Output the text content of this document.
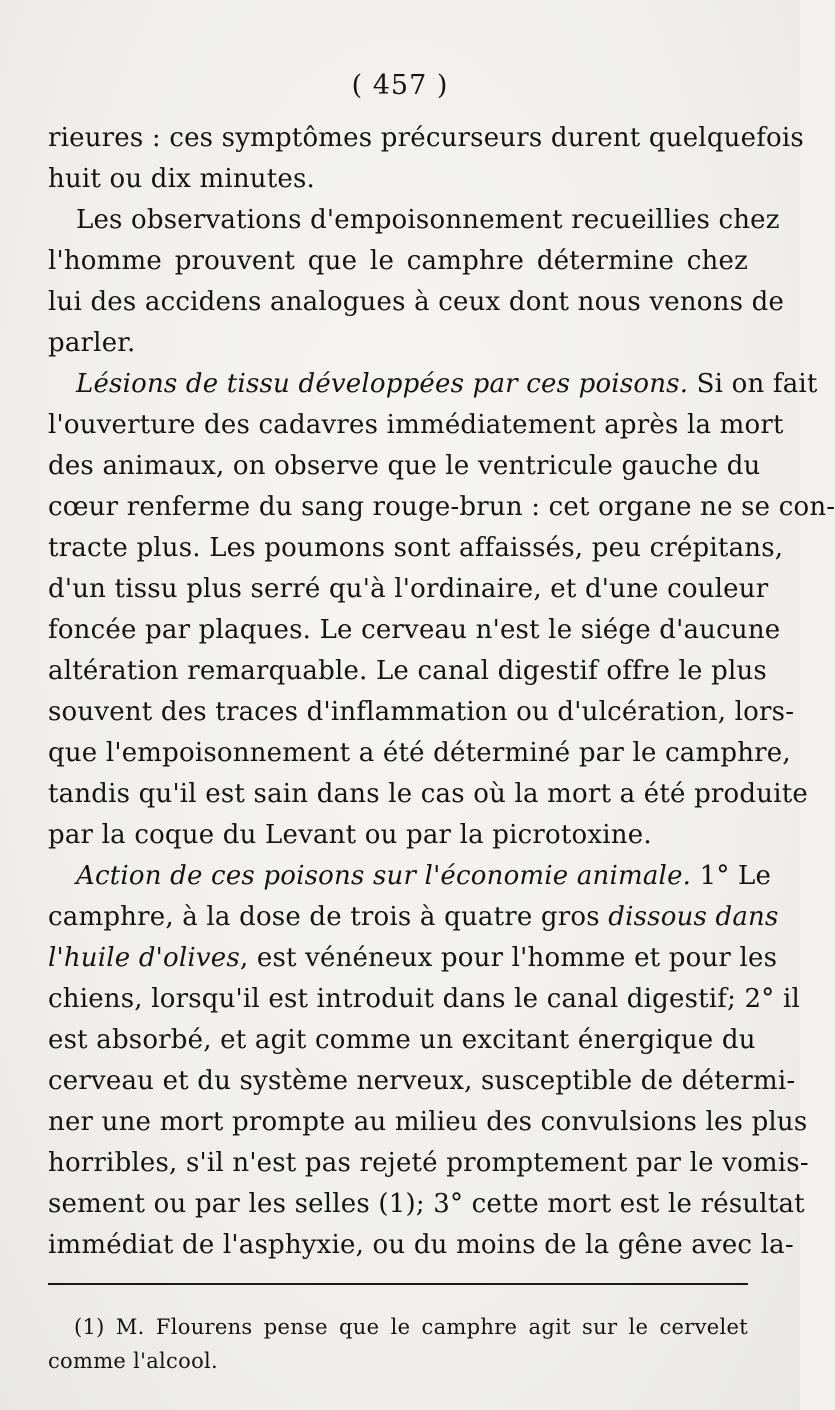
( 457 )
rieures : ces symptômes précurseurs durent quelquefois
huit ou dix minutes.
Les observations d'empoisonnement recueillies chez
l'homme prouvent que le camphre détermine chez
lui des accidens analogues à ceux dont nous venons de
parler.
Lésions de tissu développées par ces poisons. Si on fait
l'ouverture des cadavres immédiatement après la mort
des animaux, on observe que le ventricule gauche du
cœur renferme du sang rouge-brun : cet organe ne se con-
tracte plus. Les poumons sont affaissés, peu crépitans,
d'un tissu plus serré qu'à l'ordinaire, et d'une couleur
foncée par plaques. Le cerveau n'est le siége d'aucune
altération remarquable. Le canal digestif offre le plus
souvent des traces d'inflammation ou d'ulcération, lors-
que l'empoisonnement a été déterminé par le camphre,
tandis qu'il est sain dans le cas où la mort a été produite
par la coque du Levant ou par la picrotoxine.
Action de ces poisons sur l'économie animale. 1° Le
camphre, à la dose de trois à quatre gros dissous dans
l'huile d'olives, est vénéneux pour l'homme et pour les
chiens, lorsqu'il est introduit dans le canal digestif; 2° il
est absorbé, et agit comme un excitant énergique du
cerveau et du système nerveux, susceptible de détermi-
ner une mort prompte au milieu des convulsions les plus
horribles, s'il n'est pas rejeté promptement par le vomis-
sement ou par les selles (1); 3° cette mort est le résultat
immédiat de l'asphyxie, ou du moins de la gêne avec la-
(1) M. Flourens pense que le camphre agit sur le cervelet
comme l'alcool.
